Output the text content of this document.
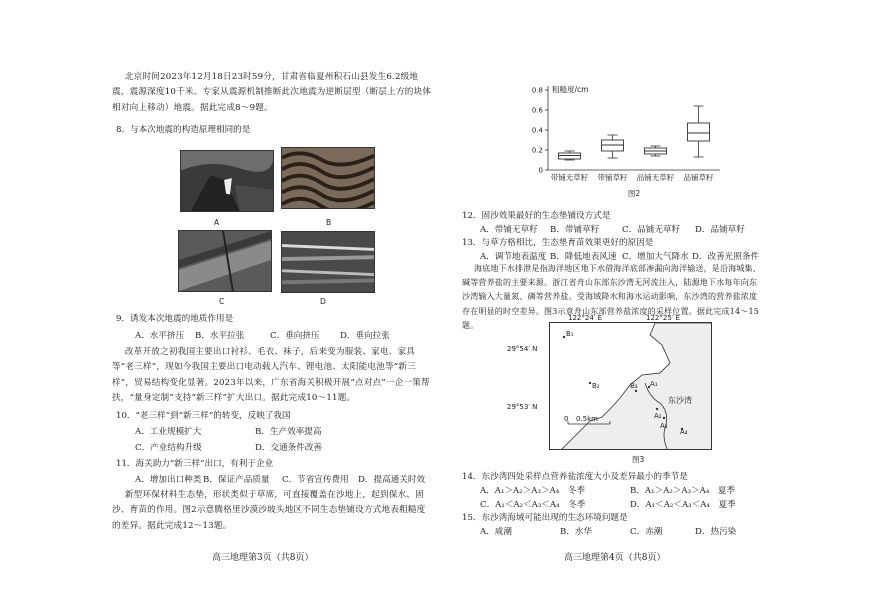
北京时间2023年12月18日23时59分，甘肃省临夏州积石山县发生6.2级地震，震源深度10千米。专家从震源机制推断此次地震为逆断层型（断层上方的块体相对向上移动）地震。据此完成8～9题。
8．与本次地震的构造原理相同的是
A	B
C	D
9．诱发本次地震的地质作用是
A．水平挤压 B．水平拉张	C．垂向挤压 D．垂向拉张
改革开放之初我国主要出口衬衫、毛衣、袜子，后来变为服装、家电、家具等“老三样”，现如今我国主要出口电动载人汽车、锂电池、太阳能电池等“新三样”，贸易结构变化显著。2023年以来，广东省海关积极开展“点对点”一企一策帮扶，“量身定制”支持“新三样”扩大出口。据此完成10～11题。
10．“老三样”到“新三样”的转变，反映了我国
A．工业规模扩大	B．生产效率提高
C．产业结构升级	D．交通条件改善
11．海关助力“新三样”出口，有利于企业
A．增加出口种类 B．保证产品质量 C．节省宣传费用 D．提高通关时效
新型环保材料生态垫，形状类似于草席，可直接覆盖在沙地上，起到保水、固沙、育苗的作用。图2示意腾格里沙漠沙坡头地区不同生态垫铺设方式地表粗糙度的差异。据此完成12～13题。
高三地理第3页（共8页）
粗糙度/cm
0.8
0.6
0.4
0.2
0
带铺无草籽 带铺草籽 品铺无草籽 品铺草籽
图2
12．固沙效果最好的生态垫铺设方式是
A．带铺无草籽 B．带铺草籽	C．品铺无草籽 D．品铺草籽
13．与草方格相比，生态垫育苗效果更好的原因是
A．调节地表温度 B．降低地表风速 C．增加大气降水 D．改善光照条件
海底地下水排泄是指海洋地区地下水借海洋底部渗漏向海洋输送，是沿海城集、碱等营养盐的主要来源。浙江省舟山东部东沙湾无河流注入，陆源地下水每年向东沙湾输入大量氮、磷等营养盐。受海域降水和海水运动影响，东沙湾的营养盐浓度存在明显的时空差异。图3示意舟山东部营养盐浓度的采样位置。据此完成14～15题。
122°24′ E	122°25′ E
29°54′ N
29°53′ N
B₁
B₂	B₃ A₁
A₂
A₃
A₄
东沙湾
0 0.5km
图3
14．东沙湾四处采样点营养盐浓度大小及差异最小的季节是
A．A₁＞A₂＞A₃＞A₄　冬季	B．A₁＞A₂＞A₃＞A₄　夏季
C．A₁＜A₂＜A₃＜A₄　冬季	D．A₁＜A₂＜A₃＜A₄　夏季
15．东沙湾海域可能出现的生态环境问题是
A．咸潮	B．水华	C．赤潮	D．热污染
高三地理第4页（共8页）
